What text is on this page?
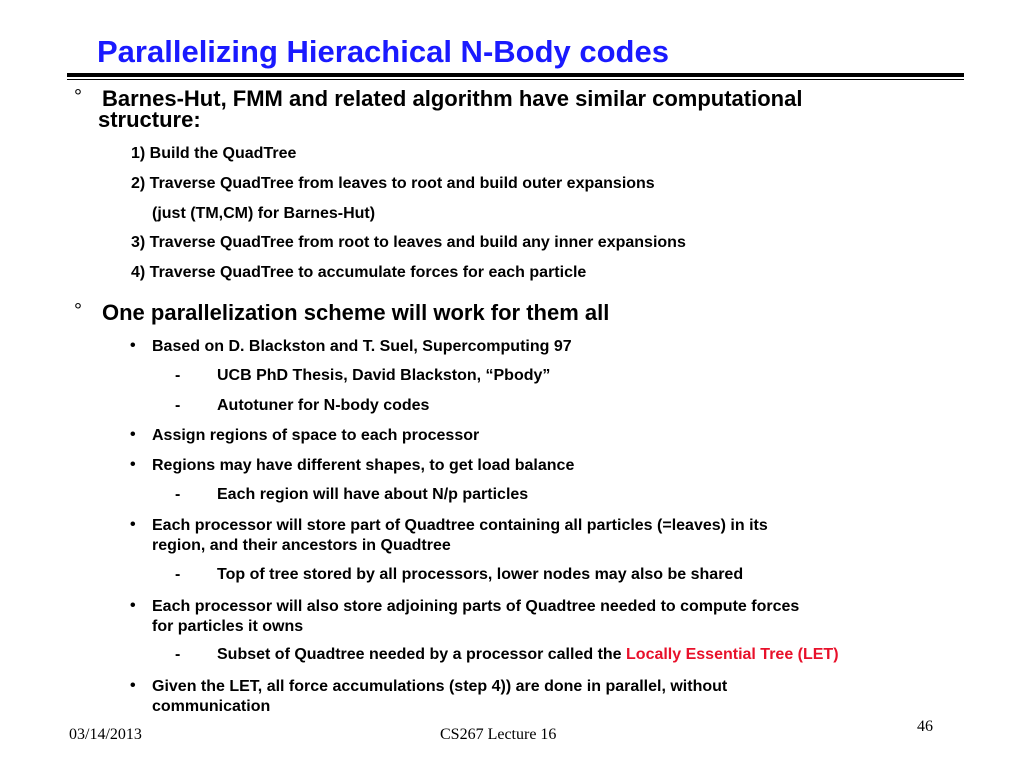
Parallelizing Hierachical N-Body codes
° Barnes-Hut, FMM and related algorithm have similar computational
structure:
1) Build the QuadTree
2) Traverse QuadTree from leaves to root and build outer expansions
(just (TM,CM) for Barnes-Hut)
3) Traverse QuadTree from root to leaves and build any inner expansions
4) Traverse QuadTree to accumulate forces for each particle
° One parallelization scheme will work for them all
• Based on D. Blackston and T. Suel, Supercomputing 97
- UCB PhD Thesis, David Blackston, “Pbody”
- Autotuner for N-body codes
• Assign regions of space to each processor
• Regions may have different shapes, to get load balance
- Each region will have about N/p particles
• Each processor will store part of Quadtree containing all particles (=leaves) in its
region, and their ancestors in Quadtree
- Top of tree stored by all processors, lower nodes may also be shared
• Each processor will also store adjoining parts of Quadtree needed to compute forces
for particles it owns
- Subset of Quadtree needed by a processor called the Locally Essential Tree (LET)
• Given the LET, all force accumulations (step 4)) are done in parallel, without
communication
03/14/2013	CS267 Lecture 16	46
